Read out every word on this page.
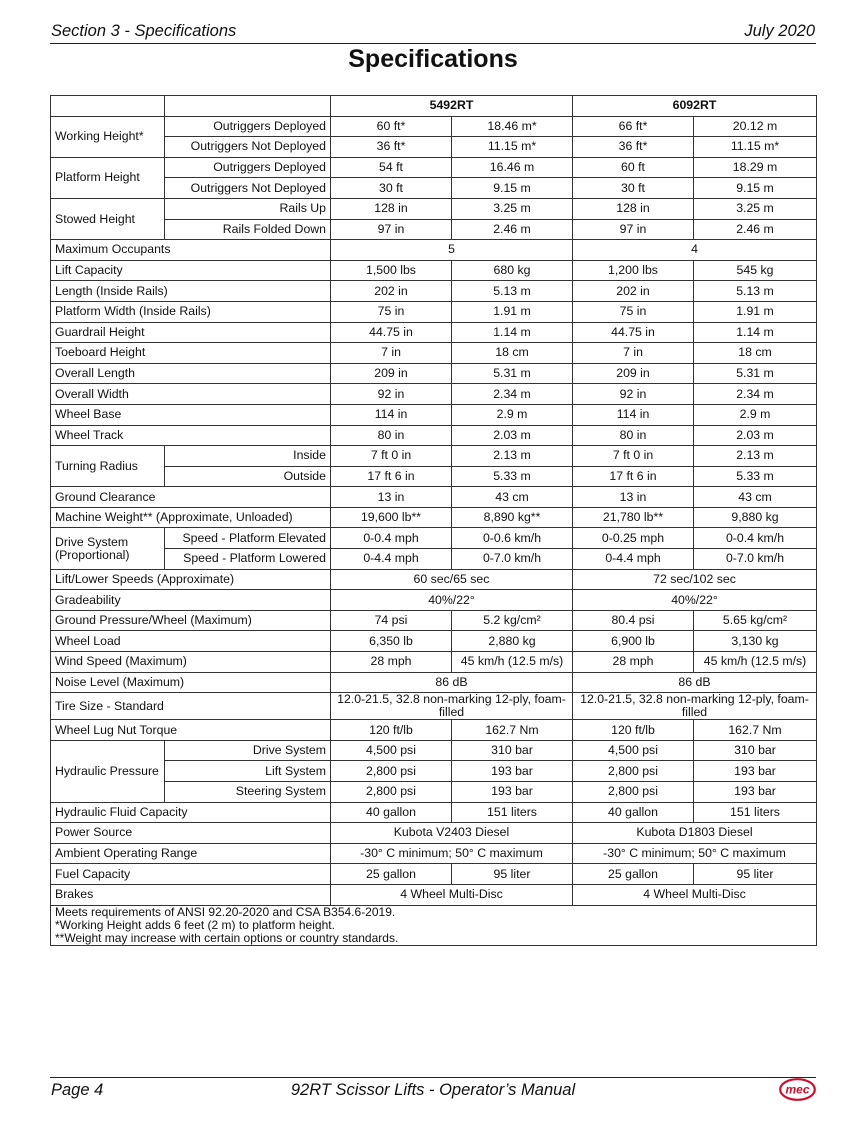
Section 3 - Specifications	July 2020
Specifications
		5492RT		6092RT	
Working Height*	Outriggers Deployed	60 ft*	18.46 m*	66 ft*	20.12 m
	Outriggers Not Deployed	36 ft*	11.15 m*	36 ft*	11.15 m*
Platform Height	Outriggers Deployed	54 ft	16.46 m	60 ft	18.29 m
	Outriggers Not Deployed	30 ft	9.15 m	30 ft	9.15 m
Stowed Height	Rails Up	128 in	3.25 m	128 in	3.25 m
	Rails Folded Down	97 in	2.46 m	97 in	2.46 m
Maximum Occupants		5		4	
Lift Capacity		1,500 lbs	680 kg	1,200 lbs	545 kg
Length (Inside Rails)		202 in	5.13 m	202 in	5.13 m
Platform Width (Inside Rails)		75 in	1.91 m	75 in	1.91 m
Guardrail Height		44.75 in	1.14 m	44.75 in	1.14 m
Toeboard Height		7 in	18 cm	7 in	18 cm
Overall Length		209 in	5.31 m	209 in	5.31 m
Overall Width		92 in	2.34 m	92 in	2.34 m
Wheel Base		114 in	2.9 m	114 in	2.9 m
Wheel Track		80 in	2.03 m	80 in	2.03 m
Turning Radius	Inside	7 ft 0 in	2.13 m	7 ft 0 in	2.13 m
	Outside	17 ft 6 in	5.33 m	17 ft 6 in	5.33 m
Ground Clearance		13 in	43 cm	13 in	43 cm
Machine Weight** (Approximate, Unloaded)		19,600 lb**	8,890 kg**	21,780 lb**	9,880 kg
Drive System (Proportional)	Speed - Platform Elevated	0-0.4 mph	0-0.6 km/h	0-0.25 mph	0-0.4 km/h
	Speed - Platform Lowered	0-4.4 mph	0-7.0 km/h	0-4.4 mph	0-7.0 km/h
Lift/Lower Speeds (Approximate)		60 sec/65 sec		72 sec/102 sec	
Gradeability		40%/22°		40%/22°	
Ground Pressure/Wheel (Maximum)		74 psi	5.2 kg/cm²	80.4 psi	5.65 kg/cm²
Wheel Load		6,350 lb	2,880 kg	6,900 lb	3,130 kg
Wind Speed (Maximum)		28 mph	45 km/h (12.5 m/s)	28 mph	45 km/h (12.5 m/s)
Noise Level (Maximum)		86 dB		86 dB	
Tire Size - Standard		12.0-21.5, 32.8 non-marking 12-ply, foam-filled		12.0-21.5, 32.8 non-marking 12-ply, foam-filled	
Wheel Lug Nut Torque		120 ft/lb	162.7 Nm	120 ft/lb	162.7 Nm
Hydraulic Pressure	Drive System	4,500 psi	310 bar	4,500 psi	310 bar
	Lift System	2,800 psi	193 bar	2,800 psi	193 bar
	Steering System	2,800 psi	193 bar	2,800 psi	193 bar
Hydraulic Fluid Capacity		40 gallon	151 liters	40 gallon	151 liters
Power Source		Kubota V2403 Diesel		Kubota D1803 Diesel	
Ambient Operating Range		-30° C minimum; 50° C maximum		-30° C minimum; 50° C maximum	
Fuel Capacity		25 gallon	95 liter	25 gallon	95 liter
Brakes		4 Wheel Multi-Disc		4 Wheel Multi-Disc	

Meets requirements of ANSI 92.20-2020 and CSA B354.6-2019.
*Working Height adds 6 feet (2 m) to platform height.
**Weight may increase with certain options or country standards.					
Page 4	92RT Scissor Lifts - Operator’s Manual	mec
